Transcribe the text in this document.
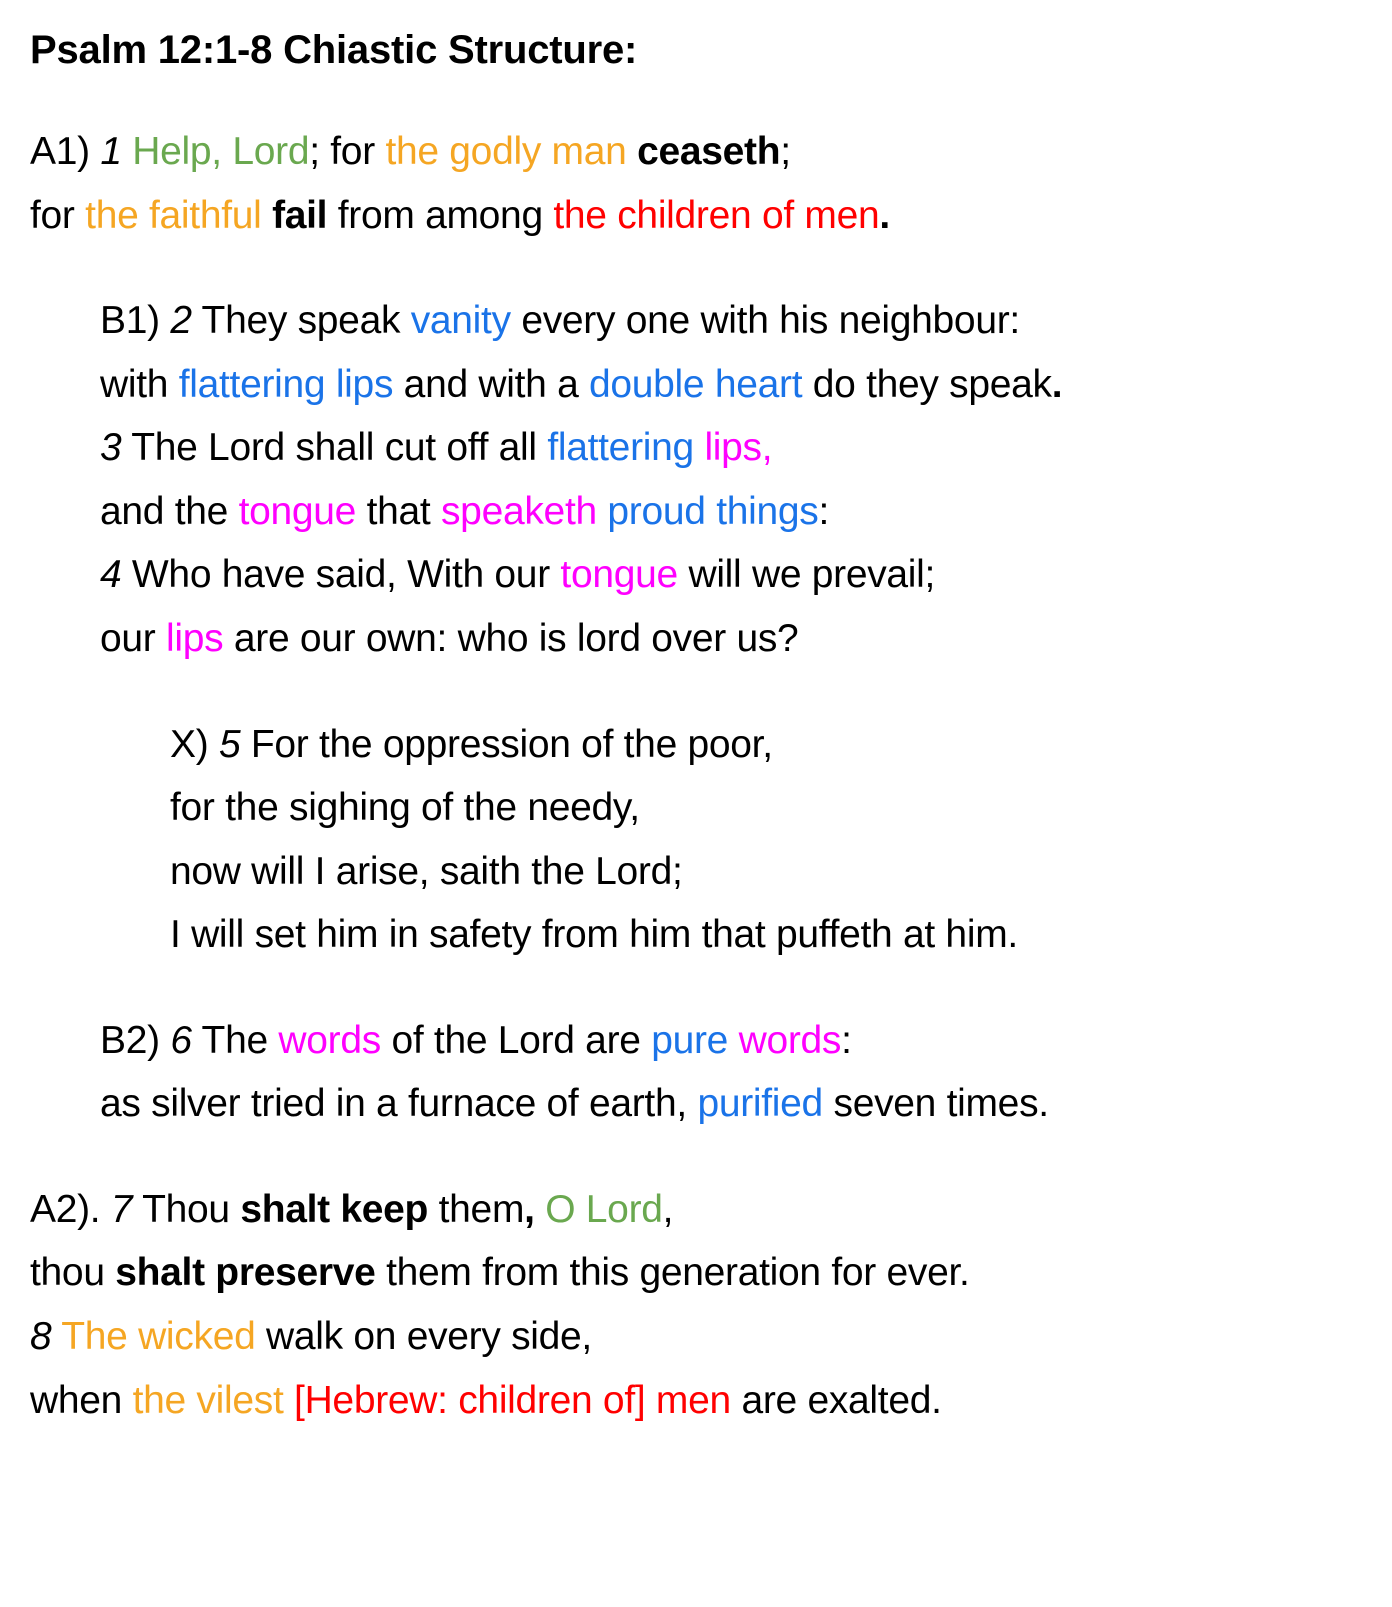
Psalm 12:1-8 Chiastic Structure:
A1) 1 Help, Lord; for the godly man ceaseth;
for the faithful fail from among the children of men.
B1) 2 They speak vanity every one with his neighbour:
with flattering lips and with a double heart do they speak.
3 The Lord shall cut off all flattering lips,
and the tongue that speaketh proud things:
4 Who have said, With our tongue will we prevail;
our lips are our own: who is lord over us?
X) 5 For the oppression of the poor,
for the sighing of the needy,
now will I arise, saith the Lord;
I will set him in safety from him that puffeth at him.
B2) 6 The words of the Lord are pure words:
as silver tried in a furnace of earth, purified seven times.
A2). 7 Thou shalt keep them, O Lord,
thou shalt preserve them from this generation for ever.
8 The wicked walk on every side,
when the vilest [Hebrew: children of] men are exalted.
